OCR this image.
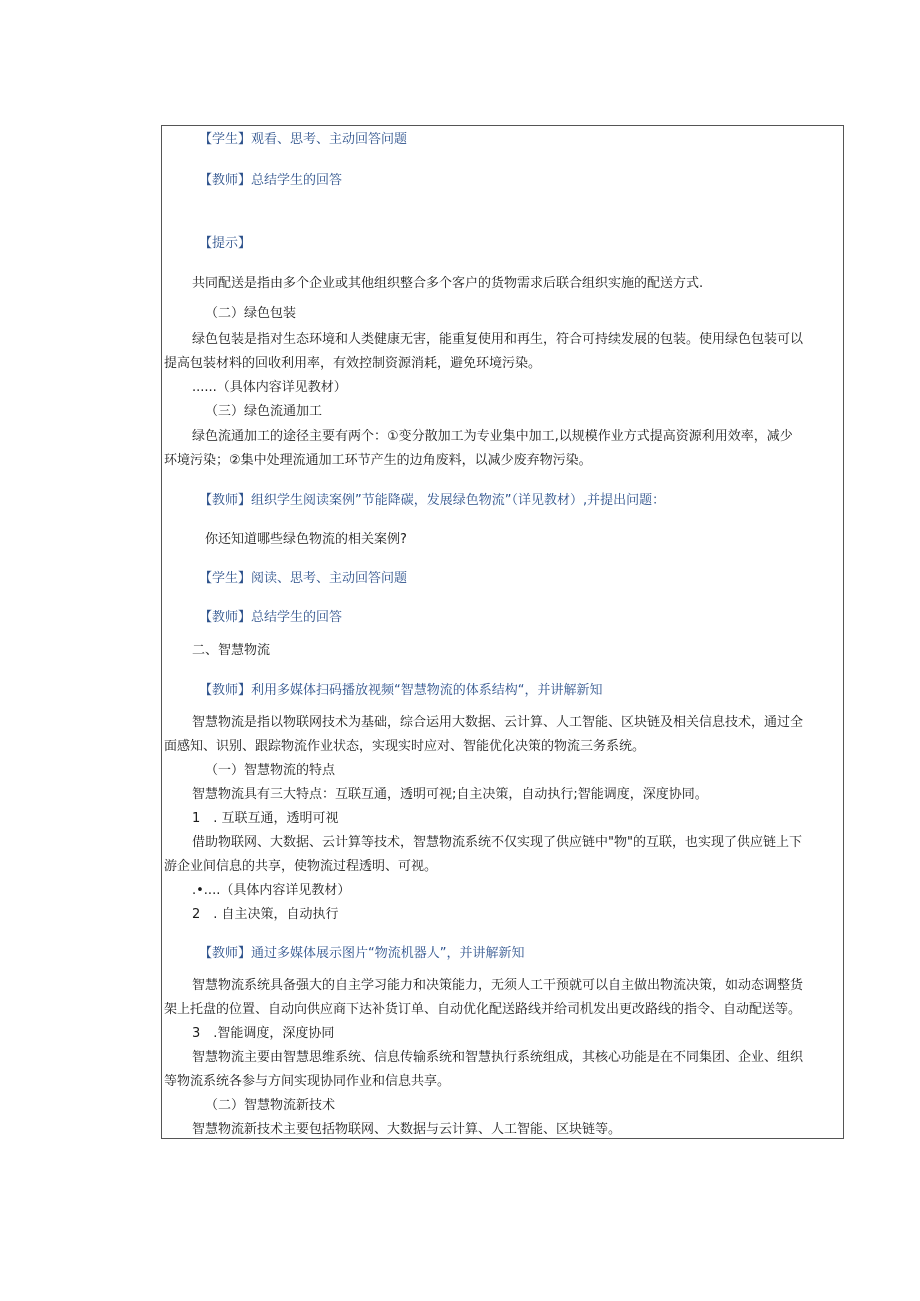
【学生】观看、思考、主动回答问题
【教师】总结学生的回答
【提示】
共同配送是指由多个企业或其他组织整合多个客户的货物需求后联合组织实施的配送方式.
（二）绿色包装
绿色包装是指对生态环境和人类健康无害，能重复使用和再生，符合可持续发展的包装。使用绿色包装可以
提高包装材料的回收利用率，有效控制资源消耗，避免环境污染。
......（具体内容详见教材）
（三）绿色流通加工
绿色流通加工的途径主要有两个：①变分散加工为专业集中加工,以规模作业方式提高资源利用效率，减少
环境污染；②集中处理流通加工环节产生的边角废料，以减少废弃物污染。
【教师】组织学生阅读案例”节能降碳，发展绿色物流”（详见教材）,并提出问题：
你还知道哪些绿色物流的相关案例?
【学生】阅读、思考、主动回答问题
【教师】总结学生的回答
二、智慧物流
【教师】利用多媒体扫码播放视频“智慧物流的体系结构“，并讲解新知
智慧物流是指以物联网技术为基础，综合运用大数据、云计算、人工智能、区块链及相关信息技术，通过全
面感知、识别、跟踪物流作业状态，实现实时应对、智能优化决策的物流三务系统。
（一）智慧物流的特点
智慧物流具有三大特点：互联互通，透明可视;自主决策，自动执行;智能调度，深度协同。
1　. 互联互通，透明可视
借助物联网、大数据、云计算等技术，智慧物流系统不仅实现了供应链中"物"的互联，也实现了供应链上下
游企业间信息的共享，使物流过程透明、可视。
.•....（具体内容详见教材）
2　. 自主决策，自动执行
【教师】通过多媒体展示图片“物流机器人”，并讲解新知
智慧物流系统具备强大的自主学习能力和决策能力，无须人工干预就可以自主做出物流决策，如动态调整货
架上托盘的位置、自动向供应商下达补货订单、自动优化配送路线并给司机发出更改路线的指令、自动配送等。
3　.智能调度，深度协同
智慧物流主要由智慧思维系统、信息传输系统和智慧执行系统组成，其核心功能是在不同集团、企业、组织
等物流系统各参与方间实现协同作业和信息共享。
（二）智慧物流新技术
智慧物流新技术主要包括物联网、大数据与云计算、人工智能、区块链等。
